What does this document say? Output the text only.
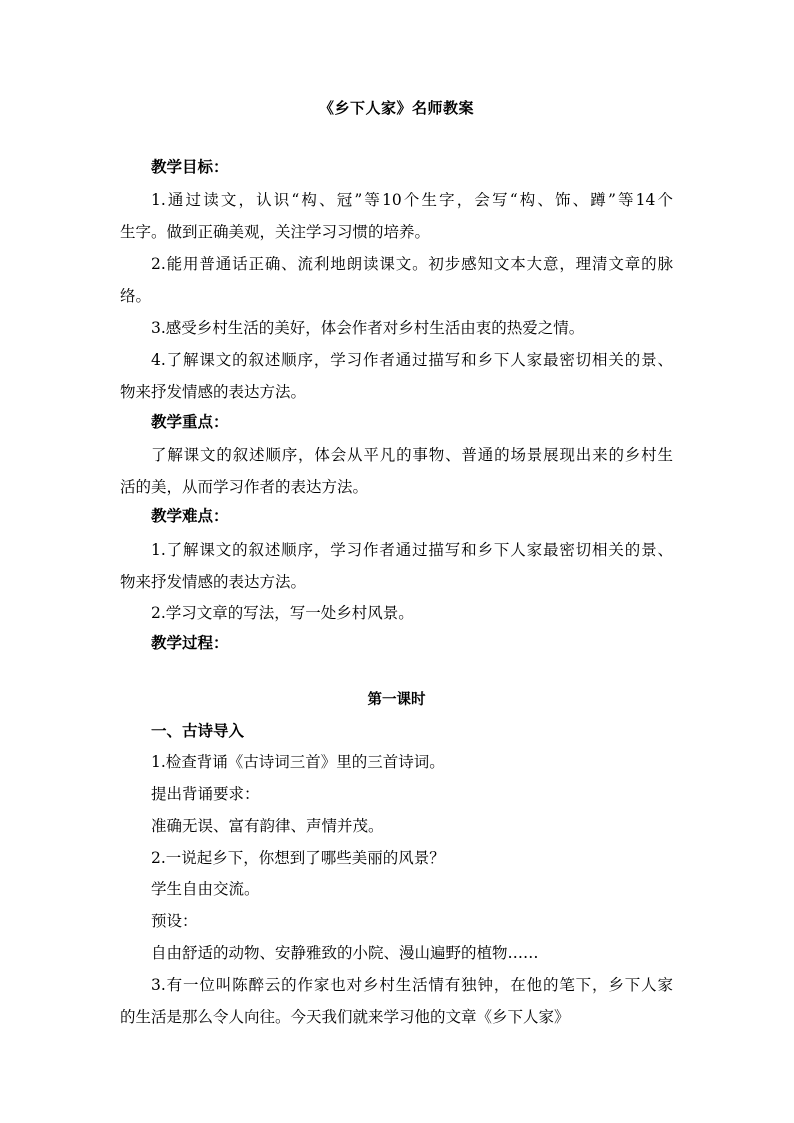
《乡下人家》名师教案
教学目标：
1.通过读文，认识“构、冠”等10个生字，会写“构、饰、蹲”等14个
生字。做到正确美观，关注学习习惯的培养。
2.能用普通话正确、流利地朗读课文。初步感知文本大意，理清文章的脉
络。
3.感受乡村生活的美好，体会作者对乡村生活由衷的热爱之情。
4.了解课文的叙述顺序，学习作者通过描写和乡下人家最密切相关的景、
物来抒发情感的表达方法。
教学重点：
了解课文的叙述顺序，体会从平凡的事物、普通的场景展现出来的乡村生
活的美，从而学习作者的表达方法。
教学难点：
1.了解课文的叙述顺序，学习作者通过描写和乡下人家最密切相关的景、
物来抒发情感的表达方法。
2.学习文章的写法，写一处乡村风景。
教学过程：
第一课时
一、古诗导入
1.检查背诵《古诗词三首》里的三首诗词。
提出背诵要求：
准确无误、富有韵律、声情并茂。
2.一说起乡下，你想到了哪些美丽的风景？
学生自由交流。
预设：
自由舒适的动物、安静雅致的小院、漫山遍野的植物……
3.有一位叫陈醉云的作家也对乡村生活情有独钟，在他的笔下，乡下人家
的生活是那么令人向往。今天我们就来学习他的文章《乡下人家》
